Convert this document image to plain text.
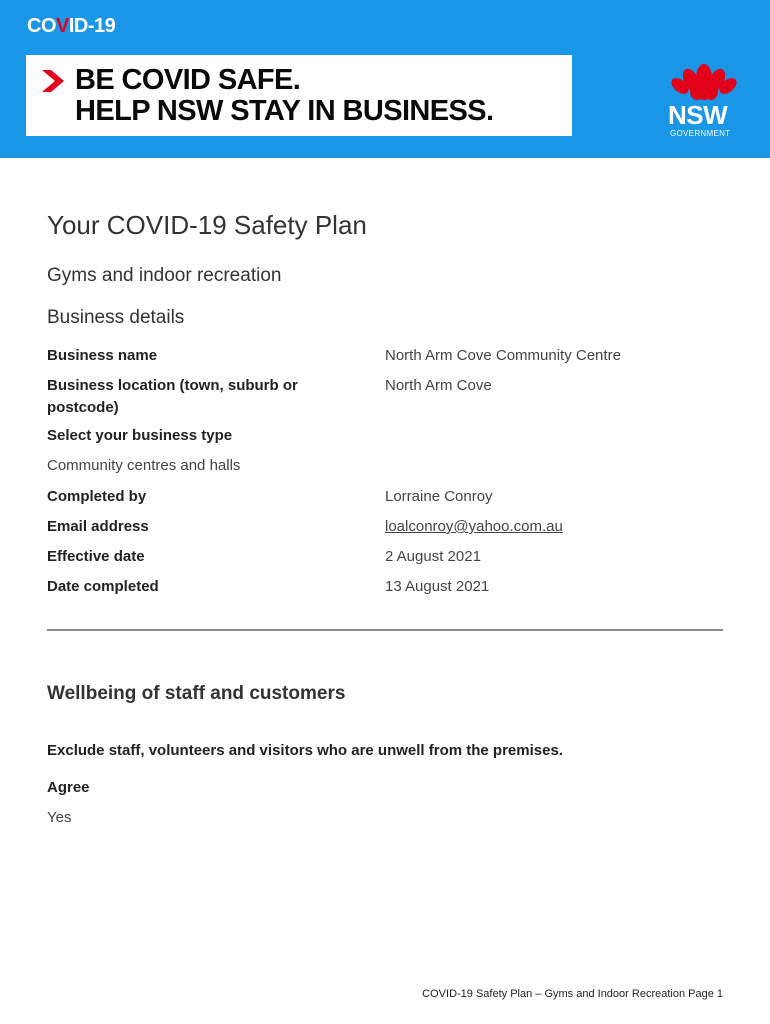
COVID-19
BE COVID SAFE.
HELP NSW STAY IN BUSINESS.	NSW
GOVERNMENT
Your COVID-19 Safety Plan
Gyms and indoor recreation
Business details
Business name	North Arm Cove Community Centre
Business location (town, suburb or postcode)
North Arm Cove
Select your business type
Community centres and halls
Completed by	Lorraine Conroy
Email address	loalconroy@yahoo.com.au
Effective date	2 August 2021
Date completed	13 August 2021
Wellbeing of staff and customers
Exclude staff, volunteers and visitors who are unwell from the premises.
Agree
Yes
COVID-19 Safety Plan – Gyms and Indoor Recreation Page 1
